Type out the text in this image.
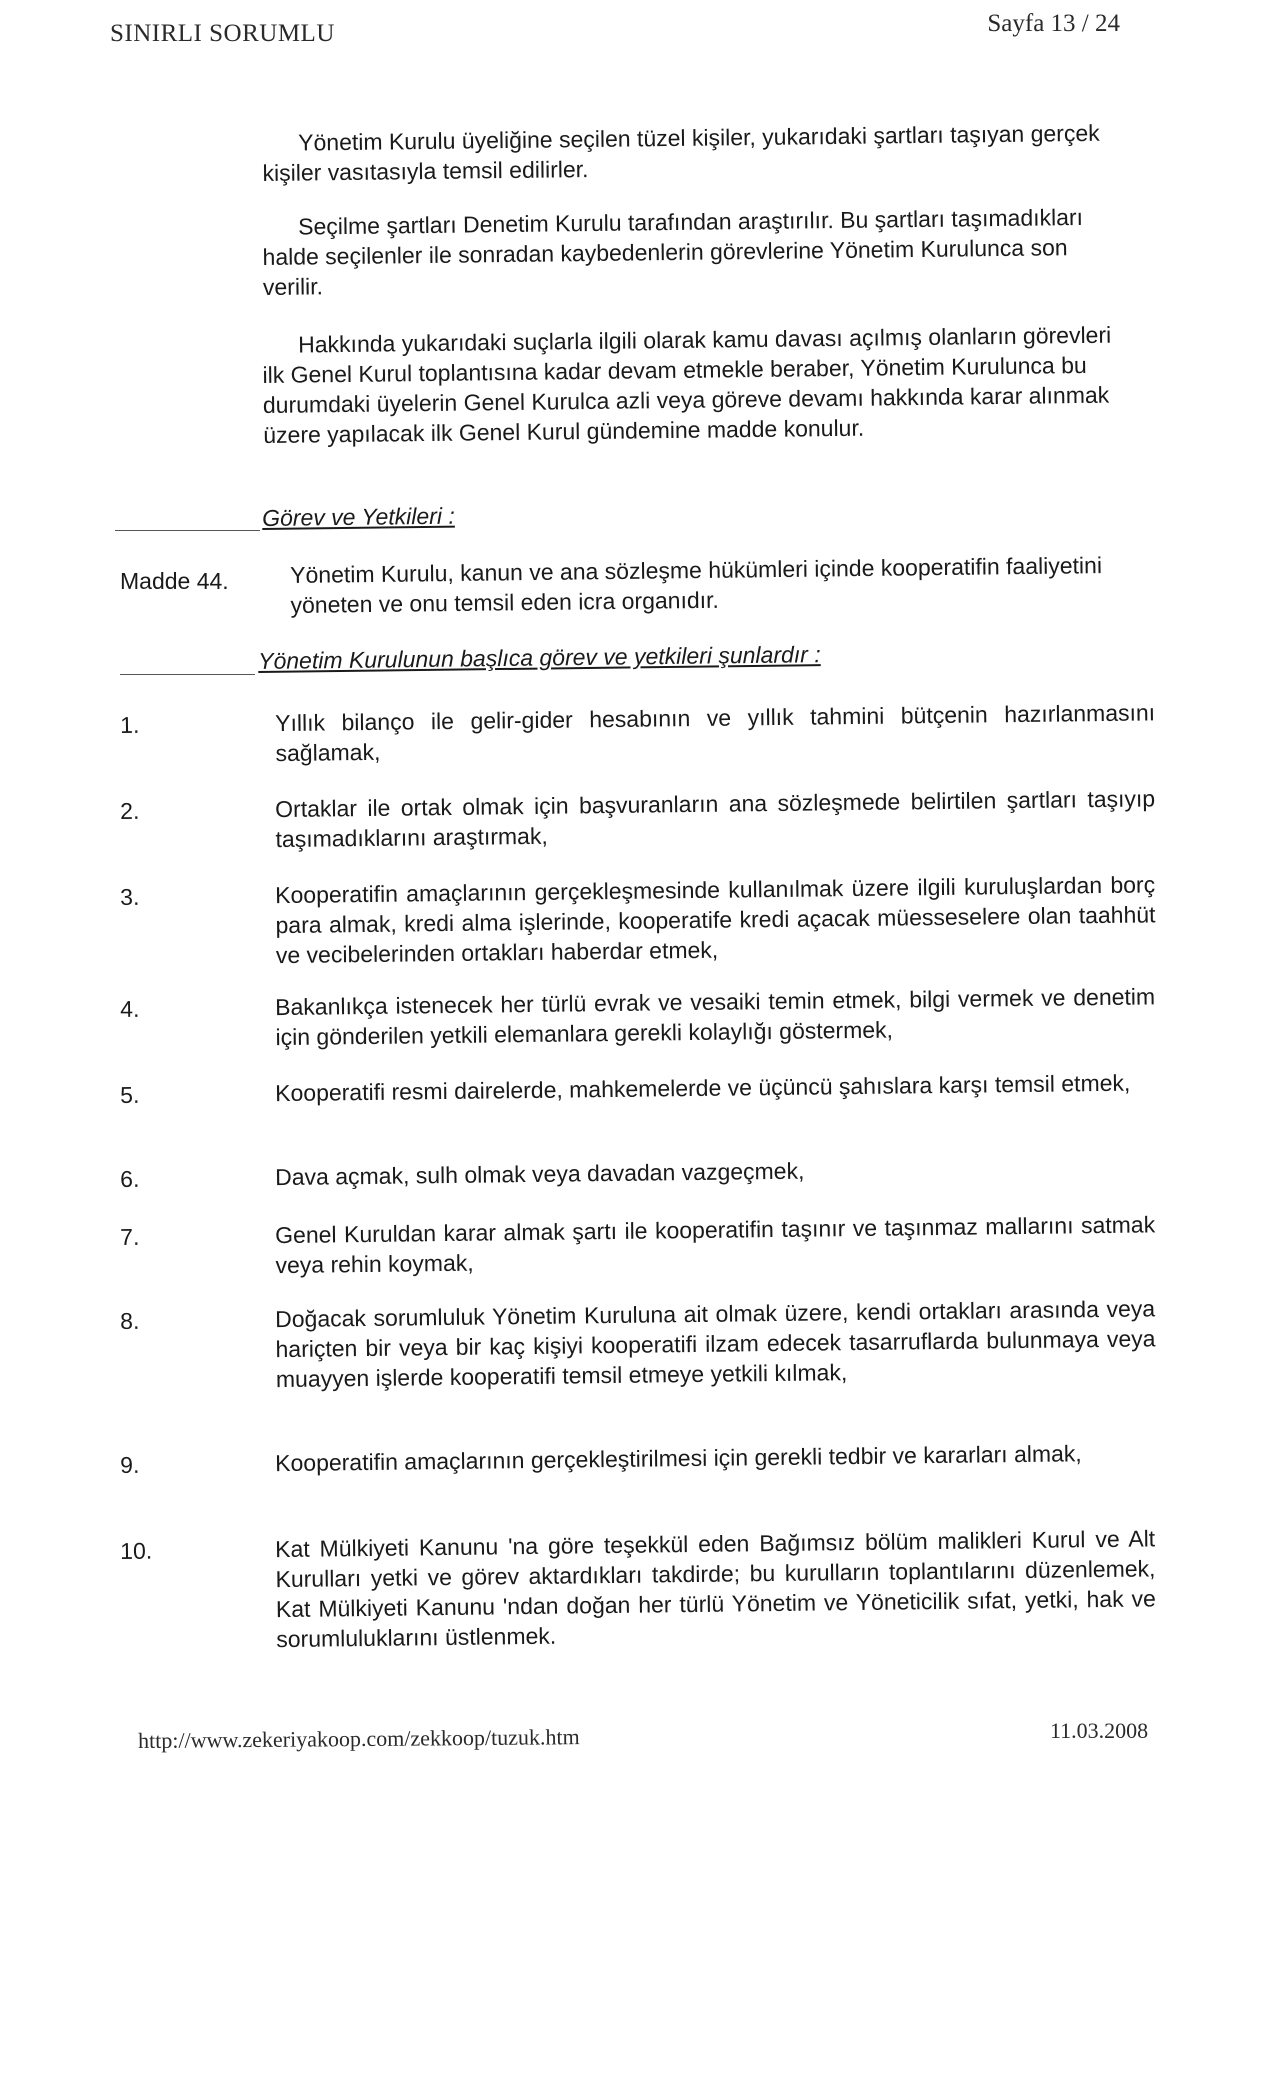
SINIRLI SORUMLU	Sayfa 13 / 24

Yönetim Kurulu üyeliğine seçilen tüzel kişiler, yukarıdaki şartları taşıyan gerçek kişiler vasıtasıyla temsil edilirler.

Seçilme şartları Denetim Kurulu tarafından araştırılır. Bu şartları taşımadıkları halde seçilenler ile sonradan kaybedenlerin görevlerine Yönetim Kurulunca son verilir.

Hakkında yukarıdaki suçlarla ilgili olarak kamu davası açılmış olanların görevleri ilk Genel Kurul toplantısına kadar devam etmekle beraber, Yönetim Kurulunca bu durumdaki üyelerin Genel Kurulca azli veya göreve devamı hakkında karar alınmak üzere yapılacak ilk Genel Kurul gündemine madde konulur.

Görev ve Yetkileri :
Madde 44.	Yönetim Kurulu, kanun ve ana sözleşme hükümleri içinde kooperatifin faaliyetini yöneten ve onu temsil eden icra organıdır.
Yönetim Kurulunun başlıca görev ve yetkileri şunlardır :
1.	Yıllık bilanço ile gelir-gider hesabının ve yıllık tahmini bütçenin hazırlanmasını sağlamak,
2.	Ortaklar ile ortak olmak için başvuranların ana sözleşmede belirtilen şartları taşıyıp taşımadıklarını araştırmak,
3.	Kooperatifin amaçlarının gerçekleşmesinde kullanılmak üzere ilgili kuruluşlardan borç para almak, kredi alma işlerinde, kooperatife kredi açacak müesseselere olan taahhüt ve vecibelerinden ortakları haberdar etmek,
4.	Bakanlıkça istenecek her türlü evrak ve vesaiki temin etmek, bilgi vermek ve denetim için gönderilen yetkili elemanlara gerekli kolaylığı göstermek,
5.	Kooperatifi resmi dairelerde, mahkemelerde ve üçüncü şahıslara karşı temsil etmek,
6.	Dava açmak, sulh olmak veya davadan vazgeçmek,
7.	Genel Kuruldan karar almak şartı ile kooperatifin taşınır ve taşınmaz mallarını satmak veya rehin koymak,
8.	Doğacak sorumluluk Yönetim Kuruluna ait olmak üzere, kendi ortakları arasında veya hariçten bir veya bir kaç kişiyi kooperatifi ilzam edecek tasarruflarda bulunmaya veya muayyen işlerde kooperatifi temsil etmeye yetkili kılmak,
9.	Kooperatifin amaçlarının gerçekleştirilmesi için gerekli tedbir ve kararları almak,
10.	Kat Mülkiyeti Kanunu 'na göre teşekkül eden Bağımsız bölüm malikleri Kurul ve Alt Kurulları yetki ve görev aktardıkları takdirde; bu kurulların toplantılarını düzenlemek, Kat Mülkiyeti Kanunu 'ndan doğan her türlü Yönetim ve Yöneticilik sıfat, yetki, hak ve sorumluluklarını üstlenmek.
http://www.zekeriyakoop.com/zekkoop/tuzuk.htm	11.03.2008
